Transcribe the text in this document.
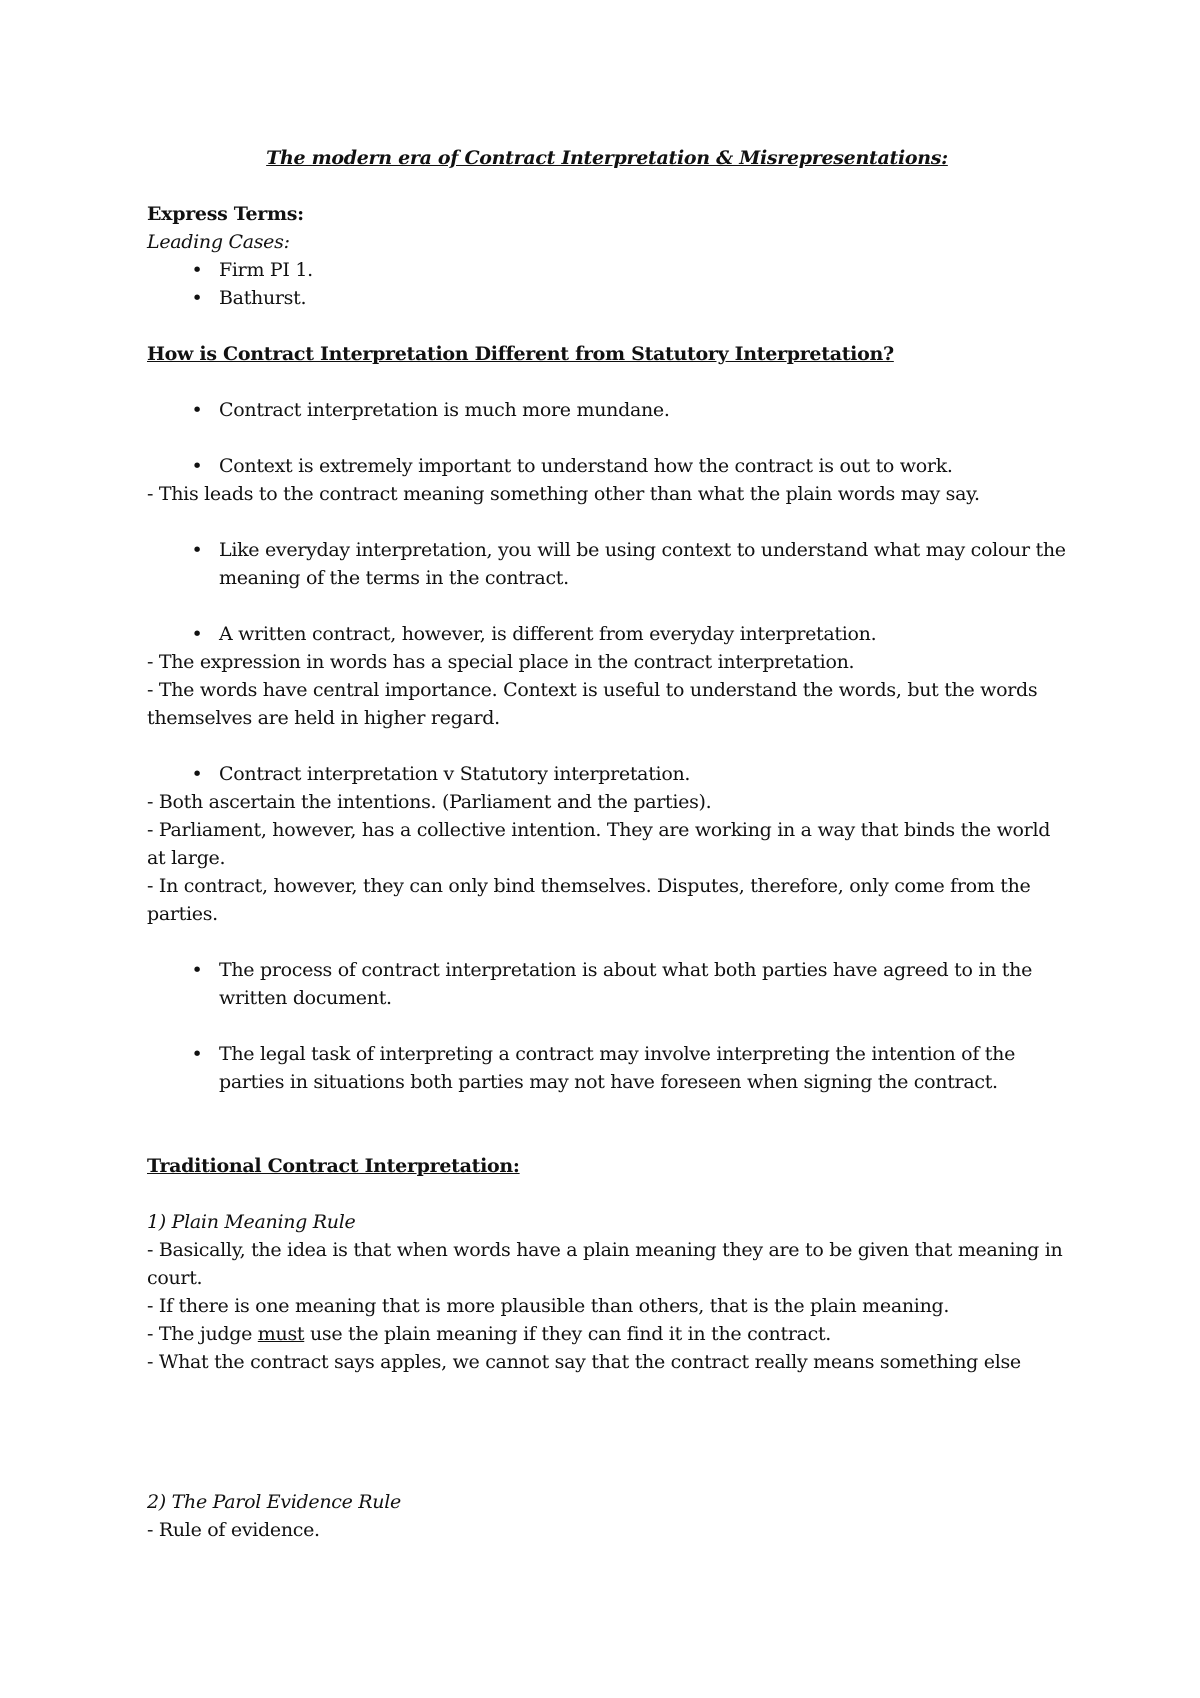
The modern era of Contract Interpretation & Misrepresentations:

Express Terms:

Leading Cases:

• Firm PI 1.
• Bathurst.

How is Contract Interpretation Different from Statutory Interpretation?

• Contract interpretation is much more mundane.
• Context is extremely important to understand how the contract is out to work.

- This leads to the contract meaning something other than what the plain words may say.

• Like everyday interpretation, you will be using context to understand what may colour the meaning of the terms in the contract.
• A written contract, however, is different from everyday interpretation.

- The expression in words has a special place in the contract interpretation.

- The words have central importance. Context is useful to understand the words, but the words themselves are held in higher regard.

• Contract interpretation v Statutory interpretation.

- Both ascertain the intentions. (Parliament and the parties).

- Parliament, however, has a collective intention. They are working in a way that binds the world at large.

- In contract, however, they can only bind themselves. Disputes, therefore, only come from the parties.

• The process of contract interpretation is about what both parties have agreed to in the written document.
• The legal task of interpreting a contract may involve interpreting the intention of the parties in situations both parties may not have foreseen when signing the contract.

Traditional Contract Interpretation:

1) Plain Meaning Rule

- Basically, the idea is that when words have a plain meaning they are to be given that meaning in court.

- If there is one meaning that is more plausible than others, that is the plain meaning.

- The judge must use the plain meaning if they can find it in the contract.

- What the contract says apples, we cannot say that the contract really means something else

2) The Parol Evidence Rule

- Rule of evidence.
